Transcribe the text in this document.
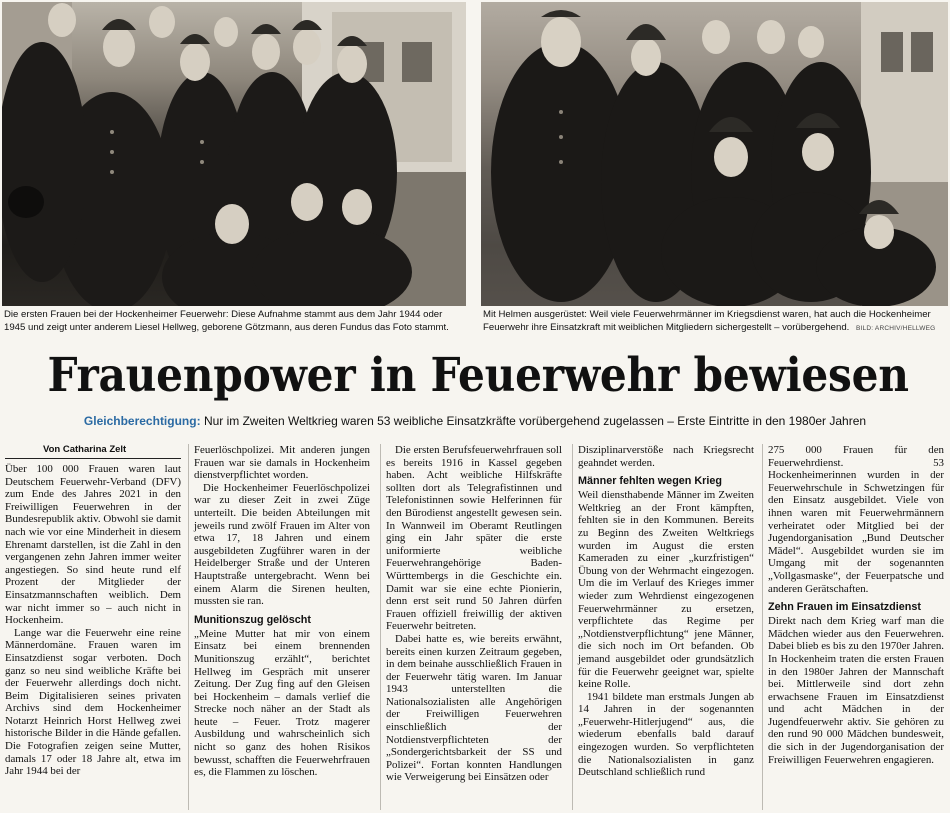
Die ersten Frauen bei der Hockenheimer Feuerwehr: Diese Aufnahme stammt aus dem Jahr 1944 oder 1945 und zeigt unter anderem Liesel Hellweg, geborene Götzmann, aus deren Fundus das Foto stammt.
Mit Helmen ausgerüstet: Weil viele Feuerwehrmänner im Kriegsdienst waren, hat auch die Hockenheimer Feuerwehr ihre Einsatzkraft mit weiblichen Mitgliedern sichergestellt – vorübergehend. BILD: ARCHIV/HELLWEG
Frauenpower in Feuerwehr bewiesen
Gleichberechtigung: Nur im Zweiten Weltkrieg waren 53 weibliche Einsatzkräfte vorübergehend zugelassen – Erste Eintritte in den 1980er Jahren
Von Catharina Zelt

Über 100 000 Frauen waren laut Deutschem Feuerwehr-Verband (DFV) zum Ende des Jahres 2021 in den Freiwilligen Feuerwehren in der Bundesrepublik aktiv. Obwohl sie damit nach wie vor eine Minderheit in diesem Ehrenamt darstellen, ist die Zahl in den vergangenen zehn Jahren immer weiter angestiegen. So sind heute rund elf Prozent der Mitglieder der Einsatzmannschaften weiblich. Dem war nicht immer so – auch nicht in Hockenheim.

Lange war die Feuerwehr eine reine Männerdomäne. Frauen waren im Einsatzdienst sogar verboten. Doch ganz so neu sind weibliche Kräfte bei der Feuerwehr allerdings doch nicht. Beim Digitalisieren seines privaten Archivs sind dem Hockenheimer Notarzt Heinrich Horst Hellweg zwei historische Bilder in die Hände gefallen. Die Fotografien zeigen seine Mutter, damals 17 oder 18 Jahre alt, etwa im Jahr 1944 bei der

Feuerlöschpolizei. Mit anderen jungen Frauen war sie damals in Hockenheim dienstverpflichtet worden.

Die Hockenheimer Feuerlöschpolizei war zu dieser Zeit in zwei Züge unterteilt. Die beiden Abteilungen mit jeweils rund zwölf Frauen im Alter von etwa 17, 18 Jahren und einem ausgebildeten Zugführer waren in der Heidelberger Straße und der Unteren Hauptstraße untergebracht. Wenn bei einem Alarm die Sirenen heulten, mussten sie ran.

Munitionszug gelöscht

„Meine Mutter hat mir von einem Einsatz bei einem brennenden Munitionszug erzählt“, berichtet Hellweg im Gespräch mit unserer Zeitung. Der Zug fing auf den Gleisen bei Hockenheim – damals verlief die Strecke noch näher an der Stadt als heute – Feuer. Trotz magerer Ausbildung und wahrscheinlich sich nicht so ganz des hohen Risikos bewusst, schafften die Feuerwehrfrauen es, die Flammen zu löschen.

Die ersten Berufsfeuerwehrfrauen soll es bereits 1916 in Kassel gegeben haben. Acht weibliche Hilfskräfte sollten dort als Telegrafistinnen und Telefonistinnen sowie Helferinnen für den Bürodienst angestellt gewesen sein. In Wannweil im Oberamt Reutlingen ging ein Jahr später die erste uniformierte weibliche Feuerwehrangehörige Baden-Württembergs in die Geschichte ein. Damit war sie eine echte Pionierin, denn erst seit rund 50 Jahren dürfen Frauen offiziell freiwillig der aktiven Feuerwehr beitreten.

Dabei hatte es, wie bereits erwähnt, bereits einen kurzen Zeitraum gegeben, in dem beinahe ausschließlich Frauen in der Feuerwehr tätig waren. Im Januar 1943 unterstellten die Nationalsozialisten alle Angehörigen der Freiwilligen Feuerwehren einschließlich der Notdienstverpflichteten der „Sondergerichtsbarkeit der SS und Polizei“. Fortan konnten Handlungen wie Verweigerung bei Einsätzen oder

Disziplinarverstöße nach Kriegsrecht geahndet werden.

Männer fehlten wegen Krieg

Weil diensthabende Männer im Zweiten Weltkrieg an der Front kämpften, fehlten sie in den Kommunen. Bereits zu Beginn des Zweiten Weltkriegs wurden im August die ersten Kameraden zu einer „kurzfristigen“ Übung von der Wehrmacht eingezogen. Um die im Verlauf des Krieges immer wieder zum Wehrdienst eingezogenen Feuerwehrmänner zu ersetzen, verpflichtete das Regime per „Notdienstverpflichtung“ jene Männer, die sich noch im Ort befanden. Ob jemand ausgebildet oder grundsätzlich für die Feuerwehr geeignet war, spielte keine Rolle.

1941 bildete man erstmals Jungen ab 14 Jahren in der sogenannten „Feuerwehr-Hitlerjugend“ aus, die wiederum ebenfalls bald darauf eingezogen wurden. So verpflichteten die Nationalsozialisten in ganz Deutschland schließlich rund

275 000 Frauen für den Feuerwehrdienst. 53 Hockenheimerinnen wurden in der Feuerwehrschule in Schwetzingen für den Einsatz ausgebildet. Viele von ihnen waren mit Feuerwehrmännern verheiratet oder Mitglied bei der Jugendorganisation „Bund Deutscher Mädel“. Ausgebildet wurden sie im Umgang mit der sogenannten „Vollgasmaske“, der Feuerpatsche und anderen Gerätschaften.

Zehn Frauen im Einsatzdienst

Direkt nach dem Krieg warf man die Mädchen wieder aus den Feuerwehren. Dabei blieb es bis zu den 1970er Jahren. In Hockenheim traten die ersten Frauen in den 1980er Jahren der Mannschaft bei. Mittlerweile sind dort zehn erwachsene Frauen im Einsatzdienst und acht Mädchen in der Jugendfeuerwehr aktiv. Sie gehören zu den rund 90 000 Mädchen bundesweit, die sich in der Jugendorganisation der Freiwilligen Feuerwehren engagieren.
